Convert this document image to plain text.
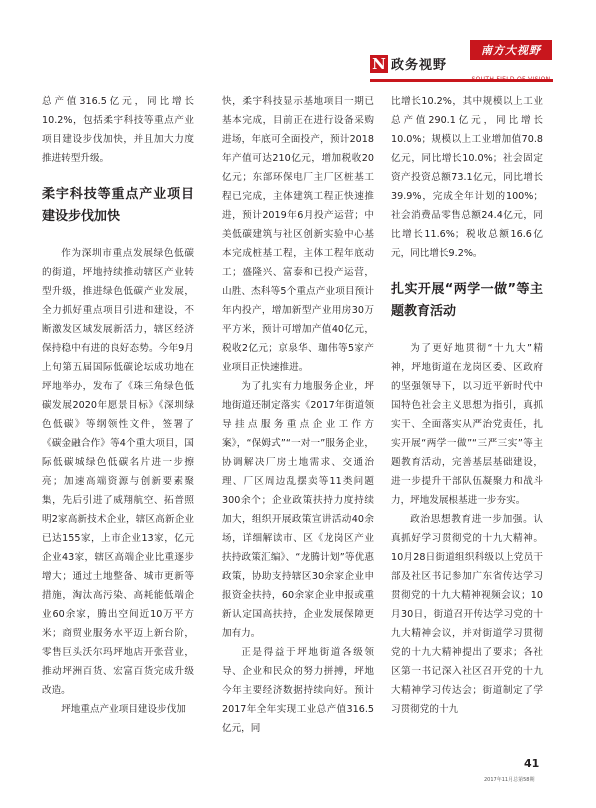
N 政务视野
南方大视野

总产值316.5亿元，同比增长10.2%，包括柔宇科技等重点产业项目建设步伐加快，并且加大力度推进转型升级。

柔宇科技等重点产业项目建设步伐加快

作为深圳市重点发展绿色低碳的街道，坪地持续推动辖区产业转型升级，推进绿色低碳产业发展，全力抓好重点项目引进和建设，不断激发区域发展新活力，辖区经济保持稳中有进的良好态势。今年9月上旬第五届国际低碳论坛成功地在坪地举办，发布了《珠三角绿色低碳发展2020年愿景目标》《深圳绿色低碳》等纲领性文件，签署了《碳金融合作》等4个重大项目，国际低碳城绿色低碳名片进一步擦亮；加速高端资源与创新要素聚集，先后引进了威翔航空、拓普照明2家高新技术企业，辖区高新企业已达155家，上市企业13家，亿元企业43家，辖区高端企业比重逐步增大；通过土地整备、城市更新等措施，淘汰高污染、高耗能低端企业60余家，腾出空间近10万平方米；商贸业服务水平迈上新台阶，零售巨头沃尔玛坪地店开张营业，推动坪洲百货、宏富百货完成升级改造。

坪地重点产业项目建设步伐加

快，柔宇科技显示基地项目一期已基本完成，目前正在进行设备采购进场，年底可全面投产，预计2018年产值可达210亿元，增加税收20亿元；东部环保电厂主厂区桩基工程已完成，主体建筑工程正快速推进，预计2019年6月投产运营；中美低碳建筑与社区创新实验中心基本完成桩基工程，主体工程年底动工；盛隆兴、富泰和已投产运营，山胜、杰科等5个重点产业项目预计年内投产，增加新型产业用房30万平方米，预计可增加产值40亿元，税收2亿元；京泉华、珈伟等5家产业项目正快速推进。

为了扎实有力地服务企业，坪地街道还制定落实《2017年街道领导挂点服务重点企业工作方案》，“保姆式”“一对一”服务企业，协调解决厂房土地需求、交通治理、厂区周边乱摆卖等11类问题300余个；企业政策扶持力度持续加大，组织开展政策宣讲活动40余场，详细解读市、区《龙岗区产业扶持政策汇编》、“龙腾计划”等优惠政策，协助支持辖区30余家企业申报资金扶持，60余家企业申报或重新认定国高扶持，企业发展保障更加有力。

正是得益于坪地街道各级领导、企业和民众的努力拼搏，坪地今年主要经济数据持续向好。预计2017年全年实现工业总产值316.5亿元，同

比增长10.2%，其中规模以上工业总产值290.1亿元，同比增长10.0%；规模以上工业增加值70.8亿元，同比增长10.0%；社会固定资产投资总额73.1亿元，同比增长39.9%，完成全年计划的100%；社会消费品零售总额24.4亿元，同比增长11.6%；税收总额16.6亿元，同比增长9.2%。

扎实开展“两学一做”等主题教育活动

为了更好地贯彻“十九大”精神，坪地街道在龙岗区委、区政府的坚强领导下，以习近平新时代中国特色社会主义思想为指引，真抓实干、全面落实从严治党责任，扎实开展“两学一做”“三严三实”等主题教育活动，完善基层基础建设，进一步提升干部队伍凝聚力和战斗力，坪地发展根基进一步夯实。

政治思想教育进一步加强。认真抓好学习贯彻党的十九大精神。10月28日街道组织科级以上党员干部及社区书记参加广东省传达学习贯彻党的十九大精神视频会议；10月30日，街道召开传达学习党的十九大精神会议，并对街道学习贯彻党的十九大精神提出了要求；各社区第一书记深入社区召开党的十九大精神学习传达会；街道制定了学习贯彻党的十九

41
2017年11月总第58期
